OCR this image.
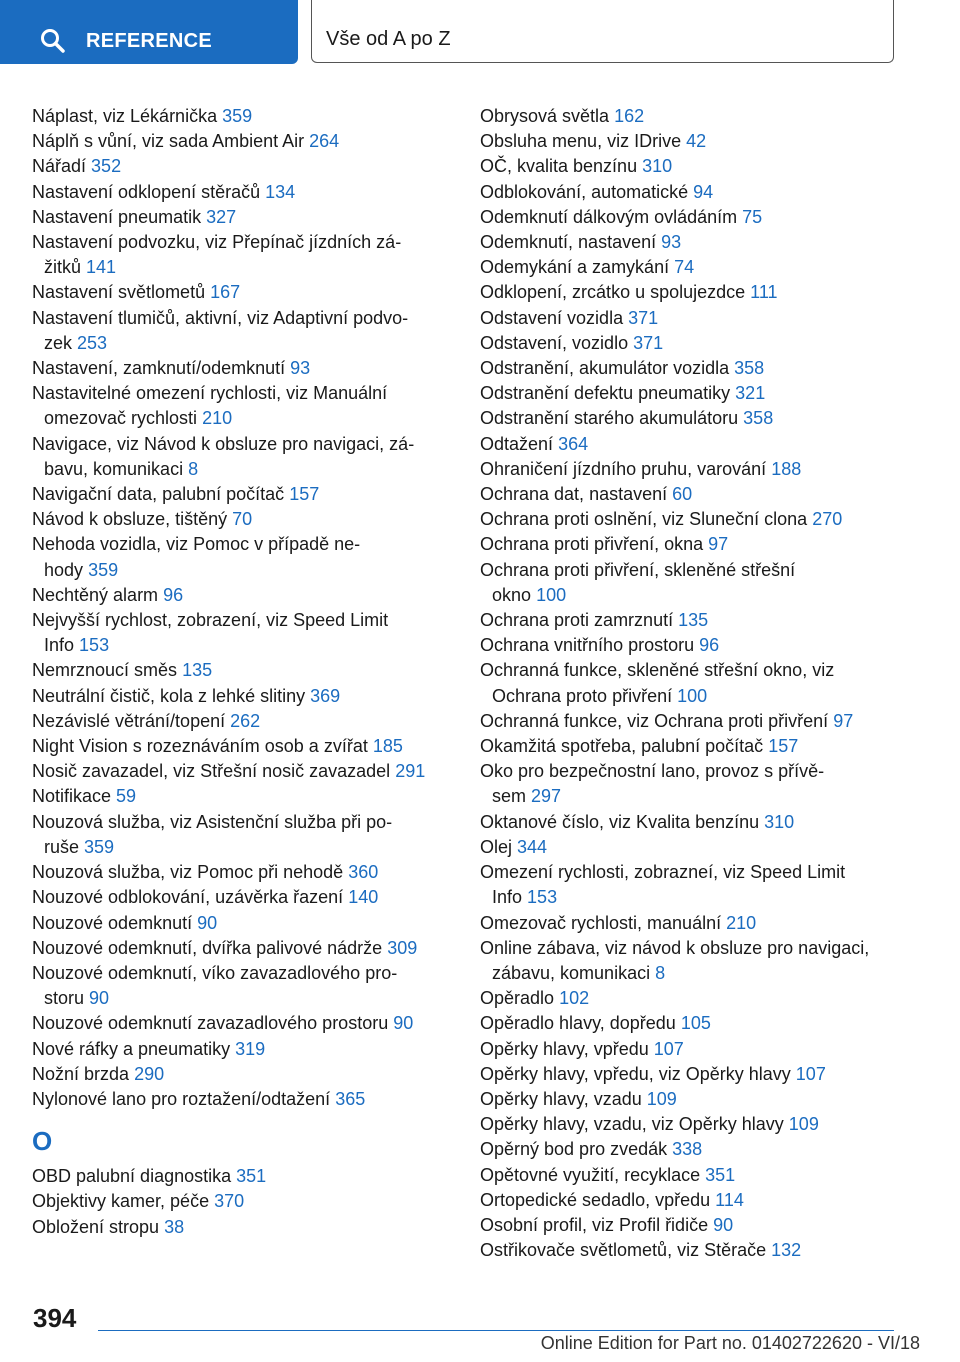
REFERENCE	Vše od A po Z
Náplast, viz Lékárnička 359
Náplň s vůní, viz sada Ambient Air 264
Nářadí 352
Nastavení odklopení stěračů 134
Nastavení pneumatik 327
Nastavení podvozku, viz Přepínač jízdních zá-
žitků 141
Nastavení světlometů 167
Nastavení tlumičů, aktivní, viz Adaptivní podvo-
zek 253
Nastavení, zamknutí/odemknutí 93
Nastavitelné omezení rychlosti, viz Manuální
omezovač rychlosti 210
Navigace, viz Návod k obsluze pro navigaci, zá-
bavu, komunikaci 8
Navigační data, palubní počítač 157
Návod k obsluze, tištěný 70
Nehoda vozidla, viz Pomoc v případě ne-
hody 359
Nechtěný alarm 96
Nejvyšší rychlost, zobrazení, viz Speed Limit
Info 153
Nemrznoucí směs 135
Neutrální čistič, kola z lehké slitiny 369
Nezávislé větrání/topení 262
Night Vision s rozeznáváním osob a zvířat 185
Nosič zavazadel, viz Střešní nosič zavazadel 291
Notifikace 59
Nouzová služba, viz Asistenční služba při po-
ruše 359
Nouzová služba, viz Pomoc při nehodě 360
Nouzové odblokování, uzávěrka řazení 140
Nouzové odemknutí 90
Nouzové odemknutí, dvířka palivové nádrže 309
Nouzové odemknutí, víko zavazadlového pro-
storu 90
Nouzové odemknutí zavazadlového prostoru 90
Nové ráfky a pneumatiky 319
Nožní brzda 290
Nylonové lano pro roztažení/odtažení 365
O
OBD palubní diagnostika 351
Objektivy kamer, péče 370
Obložení stropu 38
Obrysová světla 162
Obsluha menu, viz IDrive 42
OČ, kvalita benzínu 310
Odblokování, automatické 94
Odemknutí dálkovým ovládáním 75
Odemknutí, nastavení 93
Odemykání a zamykání 74
Odklopení, zrcátko u spolujezdce 111
Odstavení vozidla 371
Odstavení, vozidlo 371
Odstranění, akumulátor vozidla 358
Odstranění defektu pneumatiky 321
Odstranění starého akumulátoru 358
Odtažení 364
Ohraničení jízdního pruhu, varování 188
Ochrana dat, nastavení 60
Ochrana proti oslnění, viz Sluneční clona 270
Ochrana proti přivření, okna 97
Ochrana proti přivření, skleněné střešní
okno 100
Ochrana proti zamrznutí 135
Ochrana vnitřního prostoru 96
Ochranná funkce, skleněné střešní okno, viz
Ochrana proto přivření 100
Ochranná funkce, viz Ochrana proti přivření 97
Okamžitá spotřeba, palubní počítač 157
Oko pro bezpečnostní lano, provoz s přívě-
sem 297
Oktanové číslo, viz Kvalita benzínu 310
Olej 344
Omezení rychlosti, zobrazneí, viz Speed Limit
Info 153
Omezovač rychlosti, manuální 210
Online zábava, viz návod k obsluze pro navigaci,
zábavu, komunikaci 8
Opěradlo 102
Opěradlo hlavy, dopředu 105
Opěrky hlavy, vpředu 107
Opěrky hlavy, vpředu, viz Opěrky hlavy 107
Opěrky hlavy, vzadu 109
Opěrky hlavy, vzadu, viz Opěrky hlavy 109
Opěrný bod pro zvedák 338
Opětovné využití, recyklace 351
Ortopedické sedadlo, vpředu 114
Osobní profil, viz Profil řidiče 90
Ostřikovače světlometů, viz Stěrače 132
394
Online Edition for Part no. 01402722620 - VI/18
